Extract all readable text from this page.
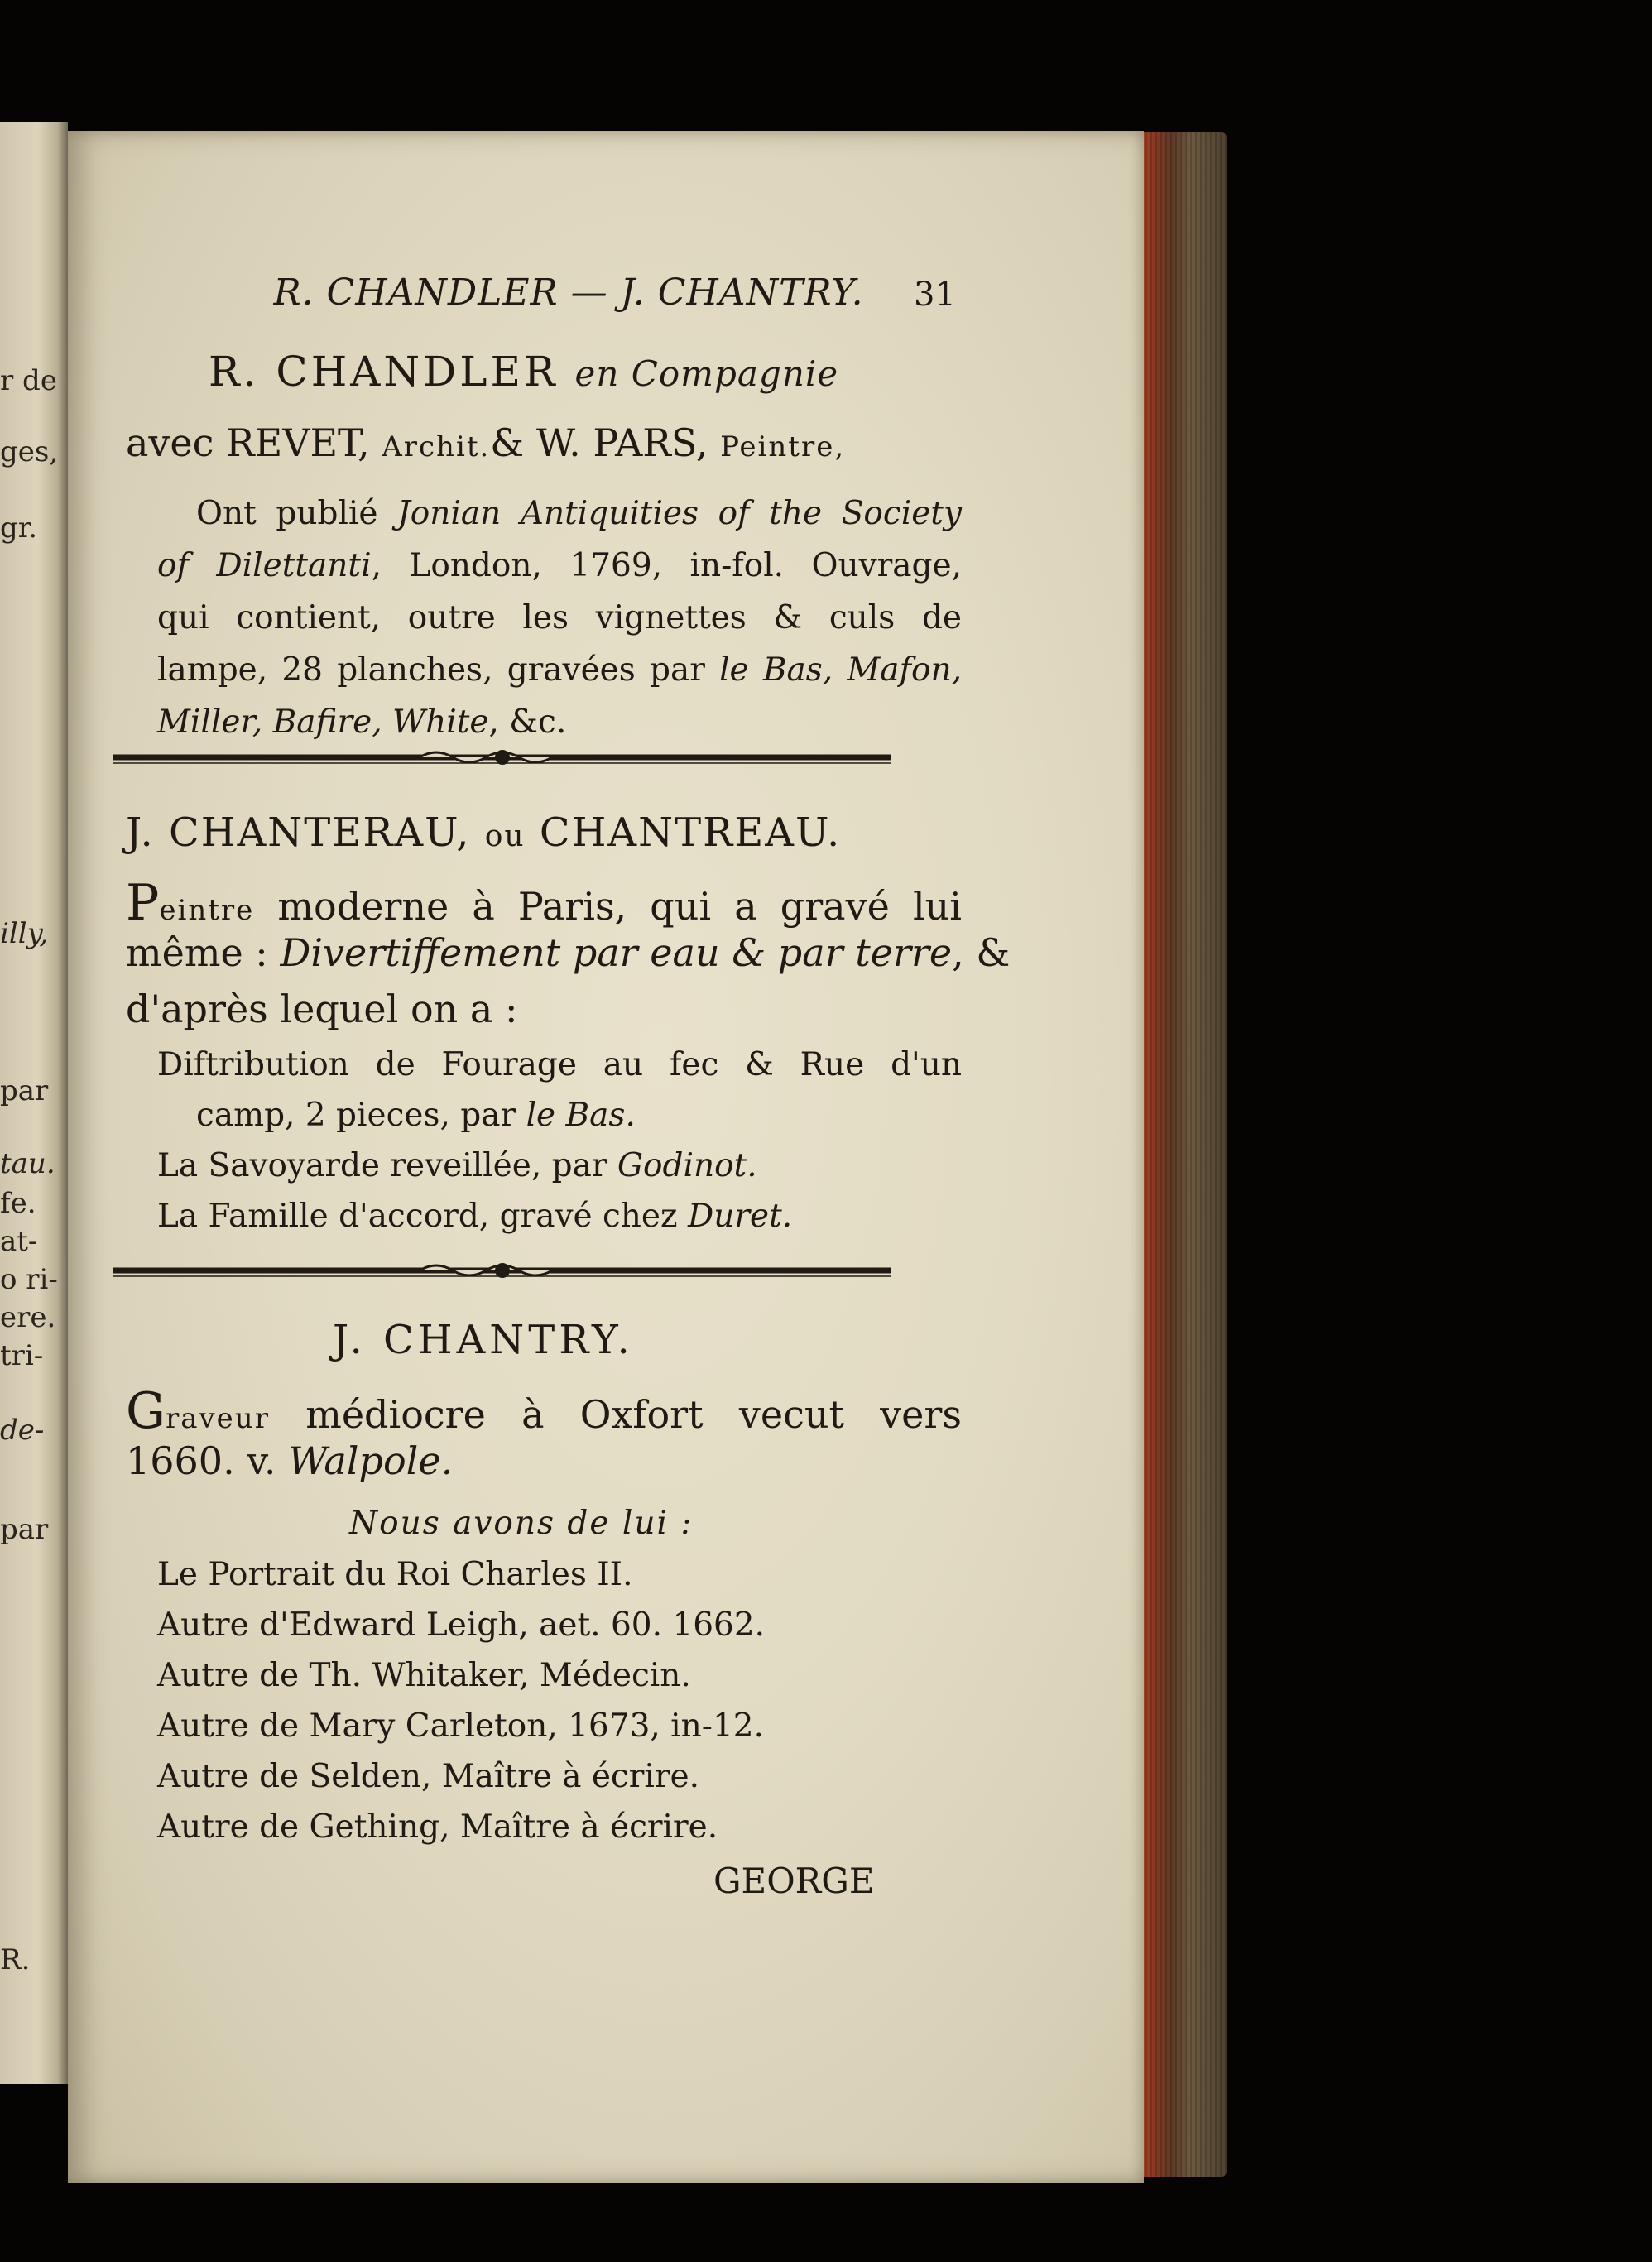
r de
ges,
gr.
illy,
par
tau.
fe.
at-
o ri-
ere.
tri-
de-
par
R.
R. CHANDLER — J. CHANTRY.	31
R. CHANDLER en Compagnie
avec REVET, Archit.& W. PARS, Peintre,
Ont publié Jonian Antiquities of the Society
of Dilettanti, London, 1769, in-fol. Ouvrage,
qui contient, outre les vignettes & culs de
lampe, 28 planches, gravées par le Bas, Mafon,
Miller, Bafire, White, &c.
J. CHANTERAU, ou CHANTREAU.
Peintre moderne à Paris, qui a gravé lui
même : Divertiffement par eau & par terre, &
d'après lequel on a :
Diftribution de Fourage au fec & Rue d'un
camp, 2 pieces, par le Bas.
La Savoyarde reveillée, par Godinot.
La Famille d'accord, gravé chez Duret.
J. CHANTRY.
Graveur médiocre à Oxfort vecut vers
1660. v. Walpole.
Nous avons de lui :
Le Portrait du Roi Charles II.
Autre d'Edward Leigh, aet. 60. 1662.
Autre de Th. Whitaker, Médecin.
Autre de Mary Carleton, 1673, in-12.
Autre de Selden, Maître à écrire.
Autre de Gething, Maître à écrire.
GEORGE
